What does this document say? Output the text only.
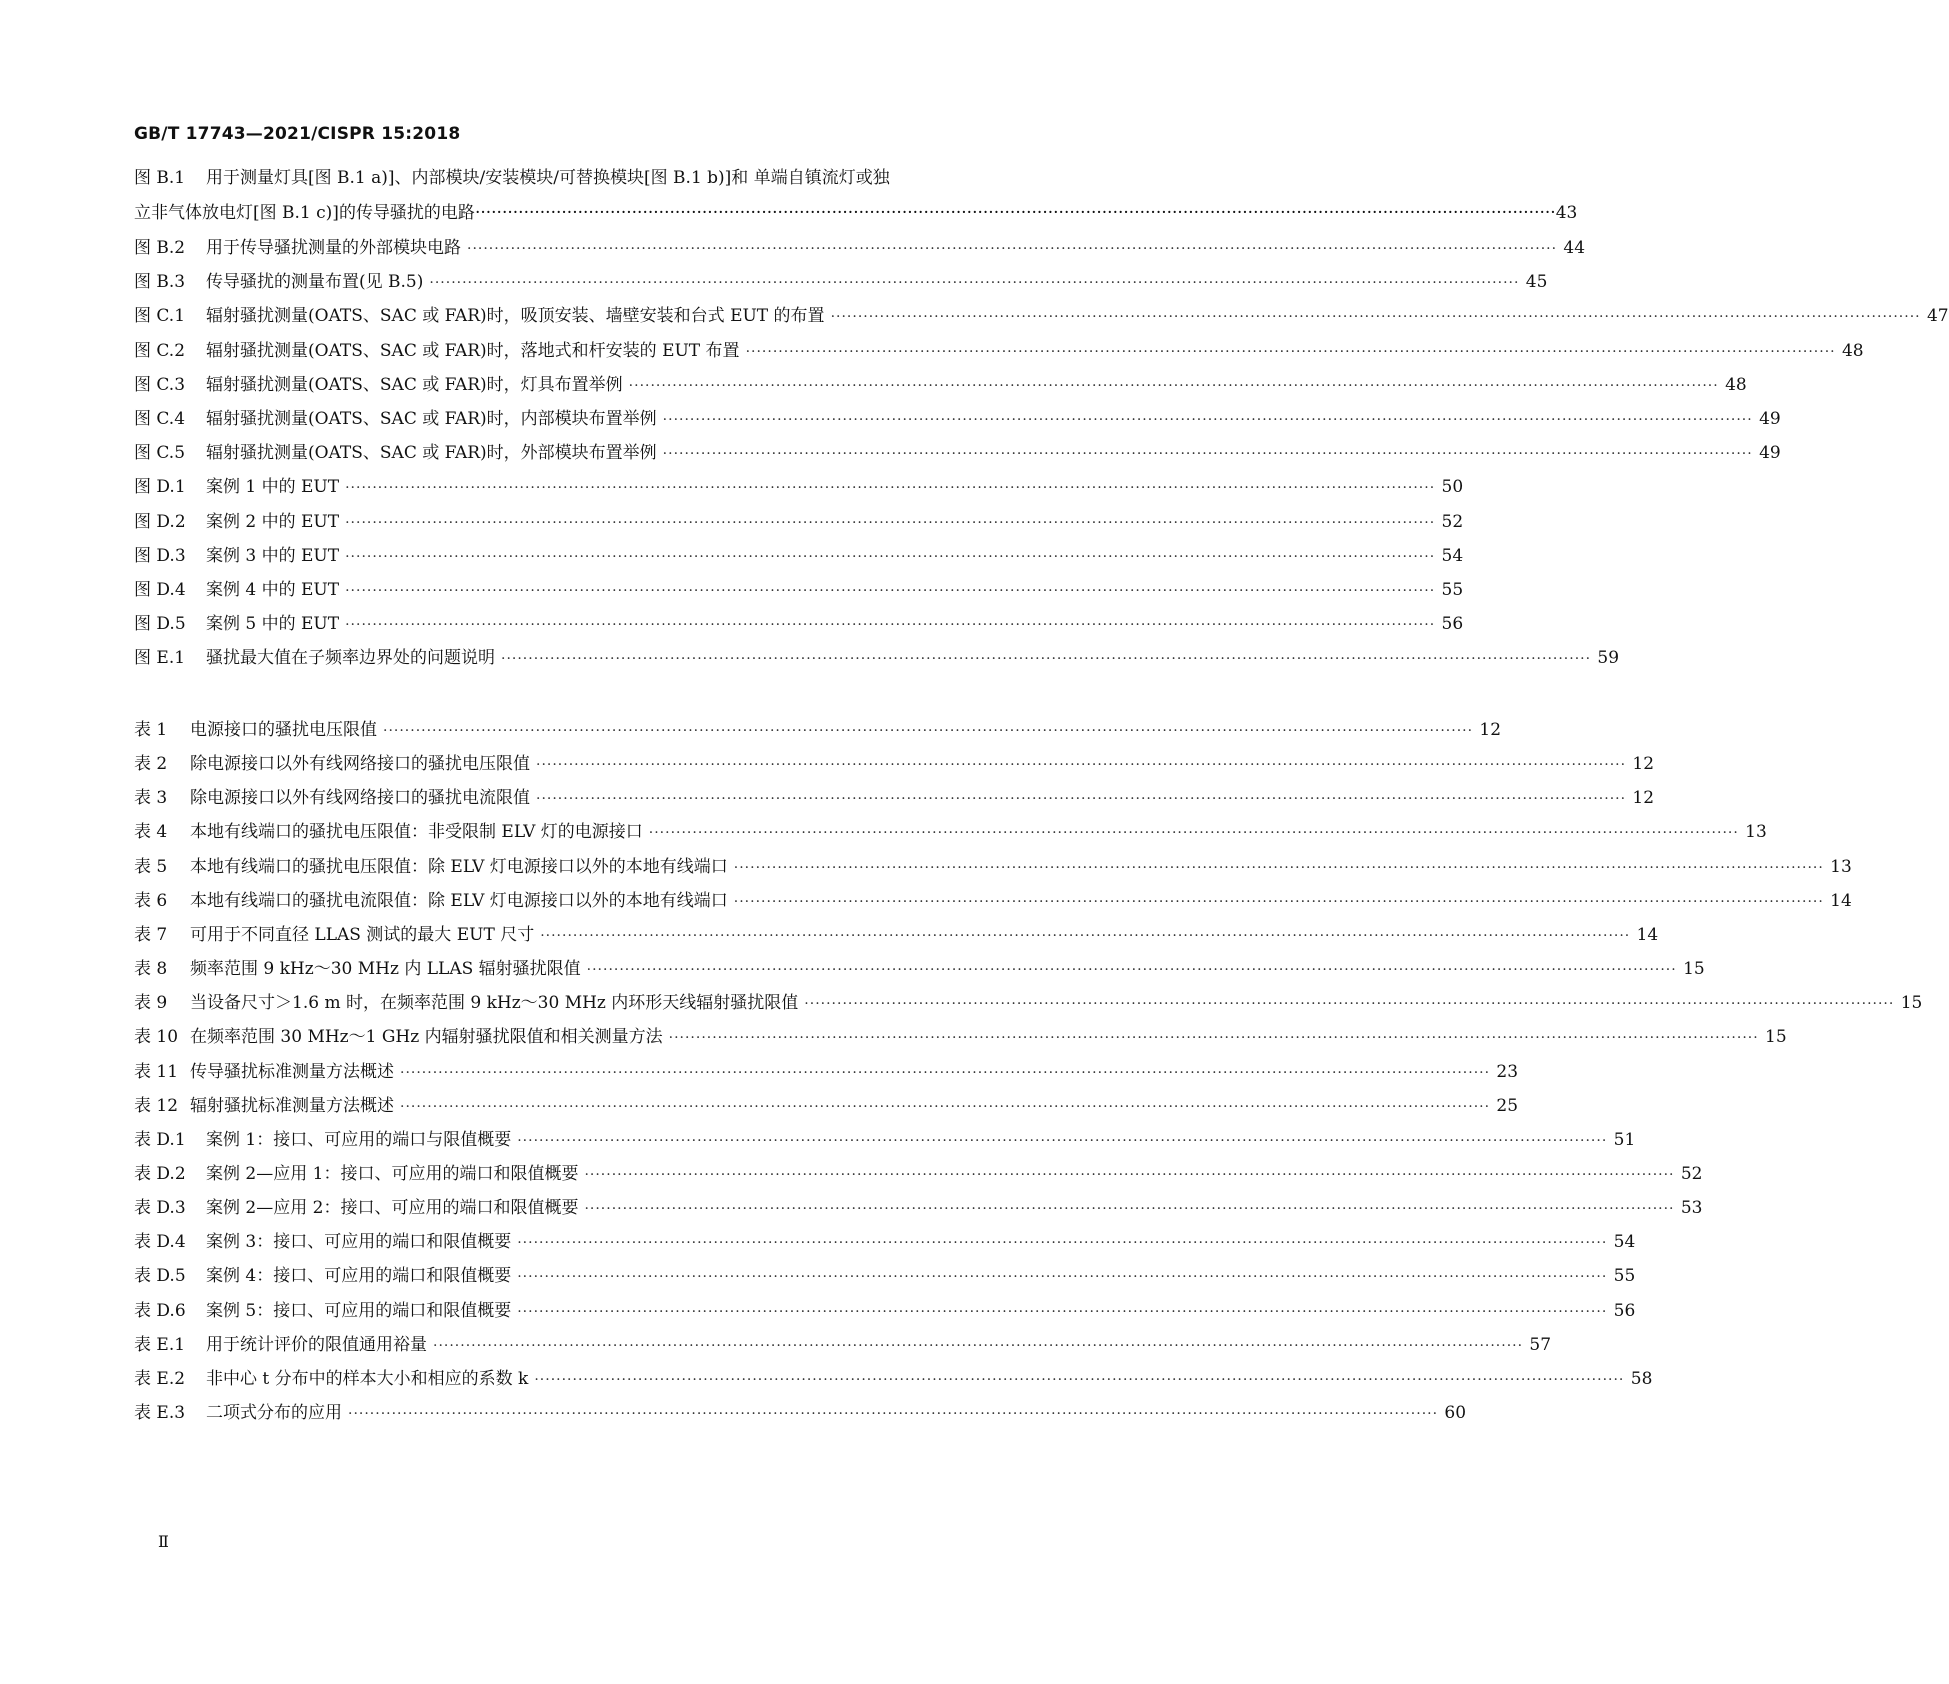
GB/T 17743—2021/CISPR 15:2018
图 B.1	用于测量灯具[图 B.1 a)]、内部模块/安装模块/可替换模块[图 B.1 b)]和 单端自镇流灯或独
立非气体放电灯[图 B.1 c)]的传导骚扰的电路 ········································································································································································································ 43
图 B.2	用于传导骚扰测量的外部模块电路 ········································································································································································································ 44
图 B.3	传导骚扰的测量布置(见 B.5) ········································································································································································································ 45
图 C.1	辐射骚扰测量(OATS、SAC 或 FAR)时，吸顶安装、墙壁安装和台式 EUT 的布置 ········································································································································································································ 47
图 C.2	辐射骚扰测量(OATS、SAC 或 FAR)时，落地式和杆安装的 EUT 布置 ········································································································································································································ 48
图 C.3	辐射骚扰测量(OATS、SAC 或 FAR)时，灯具布置举例 ········································································································································································································ 48
图 C.4	辐射骚扰测量(OATS、SAC 或 FAR)时，内部模块布置举例 ········································································································································································································ 49
图 C.5	辐射骚扰测量(OATS、SAC 或 FAR)时，外部模块布置举例 ········································································································································································································ 49
图 D.1	案例 1 中的 EUT ········································································································································································································ 50
图 D.2	案例 2 中的 EUT ········································································································································································································ 52
图 D.3	案例 3 中的 EUT ········································································································································································································ 54
图 D.4	案例 4 中的 EUT ········································································································································································································ 55
图 D.5	案例 5 中的 EUT ········································································································································································································ 56
图 E.1	骚扰最大值在子频率边界处的问题说明 ········································································································································································································ 59
表 1	电源接口的骚扰电压限值 ········································································································································································································ 12
表 2	除电源接口以外有线网络接口的骚扰电压限值 ········································································································································································································ 12
表 3	除电源接口以外有线网络接口的骚扰电流限值 ········································································································································································································ 12
表 4	本地有线端口的骚扰电压限值：非受限制 ELV 灯的电源接口 ········································································································································································································ 13
表 5	本地有线端口的骚扰电压限值：除 ELV 灯电源接口以外的本地有线端口 ········································································································································································································ 13
表 6	本地有线端口的骚扰电流限值：除 ELV 灯电源接口以外的本地有线端口 ········································································································································································································ 14
表 7	可用于不同直径 LLAS 测试的最大 EUT 尺寸 ········································································································································································································ 14
表 8	频率范围 9 kHz～30 MHz 内 LLAS 辐射骚扰限值 ········································································································································································································ 15
表 9	当设备尺寸＞1.6 m 时，在频率范围 9 kHz～30 MHz 内环形天线辐射骚扰限值 ········································································································································································································ 15
表 10 在频率范围 30 MHz～1 GHz 内辐射骚扰限值和相关测量方法 ········································································································································································································ 15
表 11 传导骚扰标准测量方法概述 ········································································································································································································ 23
表 12 辐射骚扰标准测量方法概述 ········································································································································································································ 25
表 D.1	案例 1：接口、可应用的端口与限值概要 ········································································································································································································ 51
表 D.2	案例 2—应用 1：接口、可应用的端口和限值概要 ········································································································································································································ 52
表 D.3	案例 2—应用 2：接口、可应用的端口和限值概要 ········································································································································································································ 53
表 D.4	案例 3：接口、可应用的端口和限值概要 ········································································································································································································ 54
表 D.5	案例 4：接口、可应用的端口和限值概要 ········································································································································································································ 55
表 D.6	案例 5：接口、可应用的端口和限值概要 ········································································································································································································ 56
表 E.1	用于统计评价的限值通用裕量 ········································································································································································································ 57
表 E.2	非中心 t 分布中的样本大小和相应的系数 k ········································································································································································································ 58
表 E.3	二项式分布的应用 ········································································································································································································ 60
Ⅱ
